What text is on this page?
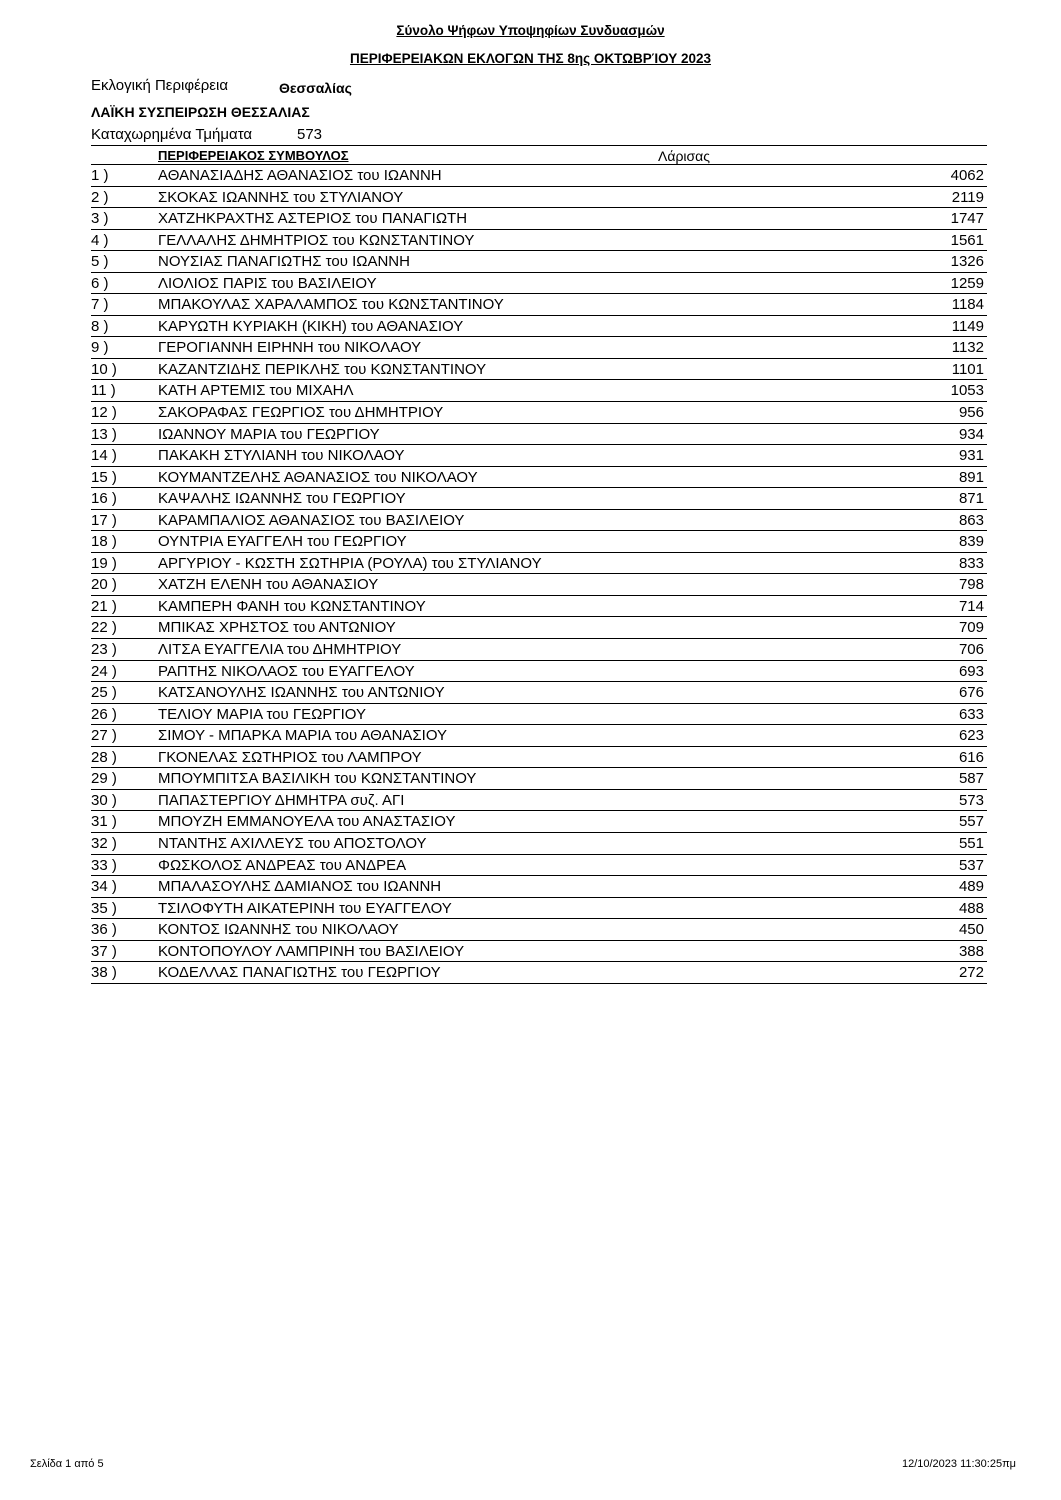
Σύνολο Ψήφων Υποψηφίων Συνδυασμών
ΠΕΡΙΦΕΡΕΙΑΚΩΝ ΕΚΛΟΓΩΝ ΤΗΣ 8ης ΟΚΤΩΒΡΊΟΥ 2023
Εκλογική Περιφέρεια	Θεσσαλίας
ΛΑΪΚΗ ΣΥΣΠΕΙΡΩΣΗ ΘΕΣΣΑΛΙΑΣ
Καταχωρημένα Τμήματα	573
ΠΕΡΙΦΕΡΕΙΑΚΟΣ ΣΥΜΒΟΥΛΟΣ	Λάρισας
1 )	ΑΘΑΝΑΣΙΑΔΗΣ ΑΘΑΝΑΣΙΟΣ του ΙΩΑΝΝΗ	4062
2 )	ΣΚΟΚΑΣ ΙΩΑΝΝΗΣ του ΣΤΥΛΙΑΝΟΥ	2119
3 )	ΧΑΤΖΗΚΡΑΧΤΗΣ ΑΣΤΕΡΙΟΣ του ΠΑΝΑΓΙΩΤΗ	1747
4 )	ΓΕΛΛΑΛΗΣ ΔΗΜΗΤΡΙΟΣ του ΚΩΝΣΤΑΝΤΙΝΟΥ	1561
5 )	ΝΟΥΣΙΑΣ ΠΑΝΑΓΙΩΤΗΣ του ΙΩΑΝΝΗ	1326
6 )	ΛΙΟΛΙΟΣ ΠΑΡΙΣ του ΒΑΣΙΛΕΙΟΥ	1259
7 )	ΜΠΑΚΟΥΛΑΣ ΧΑΡΑΛΑΜΠΟΣ του ΚΩΝΣΤΑΝΤΙΝΟΥ	1184
8 )	ΚΑΡΥΩΤΗ ΚΥΡΙΑΚΗ (ΚΙΚΗ) του ΑΘΑΝΑΣΙΟΥ	1149
9 )	ΓΕΡΟΓΙΑΝΝΗ ΕΙΡΗΝΗ του ΝΙΚΟΛΑΟΥ	1132
10 )	ΚΑΖΑΝΤΖΙΔΗΣ ΠΕΡΙΚΛΗΣ του ΚΩΝΣΤΑΝΤΙΝΟΥ	1101
11 )	ΚΑΤΗ ΑΡΤΕΜΙΣ του ΜΙΧΑΗΛ	1053
12 )	ΣΑΚΟΡΑΦΑΣ ΓΕΩΡΓΙΟΣ του ΔΗΜΗΤΡΙΟΥ	956
13 )	ΙΩΑΝΝΟΥ ΜΑΡΙΑ του ΓΕΩΡΓΙΟΥ	934
14 )	ΠΑΚΑΚΗ ΣΤΥΛΙΑΝΗ του ΝΙΚΟΛΑΟΥ	931
15 )	ΚΟΥΜΑΝΤΖΕΛΗΣ ΑΘΑΝΑΣΙΟΣ του ΝΙΚΟΛΑΟΥ	891
16 )	ΚΑΨΑΛΗΣ ΙΩΑΝΝΗΣ του ΓΕΩΡΓΙΟΥ	871
17 )	ΚΑΡΑΜΠΑΛΙΟΣ ΑΘΑΝΑΣΙΟΣ του ΒΑΣΙΛΕΙΟΥ	863
18 )	ΟΥΝΤΡΙΑ ΕΥΑΓΓΕΛΗ του ΓΕΩΡΓΙΟΥ	839
19 )	ΑΡΓΥΡΙΟΥ - ΚΩΣΤΗ ΣΩΤΗΡΙΑ (ΡΟΥΛΑ) του ΣΤΥΛΙΑΝΟΥ	833
20 )	ΧΑΤΖΗ ΕΛΕΝΗ του ΑΘΑΝΑΣΙΟΥ	798
21 )	ΚΑΜΠΕΡΗ ΦΑΝΗ του ΚΩΝΣΤΑΝΤΙΝΟΥ	714
22 )	ΜΠΙΚΑΣ ΧΡΗΣΤΟΣ του ΑΝΤΩΝΙΟΥ	709
23 )	ΛΙΤΣΑ ΕΥΑΓΓΕΛΙΑ του ΔΗΜΗΤΡΙΟΥ	706
24 )	ΡΑΠΤΗΣ ΝΙΚΟΛΑΟΣ του ΕΥΑΓΓΕΛΟΥ	693
25 )	ΚΑΤΣΑΝΟΥΛΗΣ ΙΩΑΝΝΗΣ του ΑΝΤΩΝΙΟΥ	676
26 )	ΤΕΛΙΟΥ ΜΑΡΙΑ του ΓΕΩΡΓΙΟΥ	633
27 )	ΣΙΜΟΥ - ΜΠΑΡΚΑ ΜΑΡΙΑ του ΑΘΑΝΑΣΙΟΥ	623
28 )	ΓΚΟΝΕΛΑΣ ΣΩΤΗΡΙΟΣ του ΛΑΜΠΡΟΥ	616
29 )	ΜΠΟΥΜΠΙΤΣΑ ΒΑΣΙΛΙΚΗ του ΚΩΝΣΤΑΝΤΙΝΟΥ	587
30 )	ΠΑΠΑΣΤΕΡΓΙΟΥ ΔΗΜΗΤΡΑ συζ. ΑΓΙ	573
31 )	ΜΠΟΥΖΗ ΕΜΜΑΝΟΥΕΛΑ του ΑΝΑΣΤΑΣΙΟΥ	557
32 )	ΝΤΑΝΤΗΣ ΑΧΙΛΛΕΥΣ του ΑΠΟΣΤΟΛΟΥ	551
33 )	ΦΩΣΚΟΛΟΣ ΑΝΔΡΕΑΣ του ΑΝΔΡΕΑ	537
34 )	ΜΠΑΛΑΣΟΥΛΗΣ ΔΑΜΙΑΝΟΣ του ΙΩΑΝΝΗ	489
35 )	ΤΣΙΛΟΦΥΤΗ ΑΙΚΑΤΕΡΙΝΗ του ΕΥΑΓΓΕΛΟΥ	488
36 )	ΚΟΝΤΟΣ ΙΩΑΝΝΗΣ του ΝΙΚΟΛΑΟΥ	450
37 )	ΚΟΝΤΟΠΟΥΛΟΥ ΛΑΜΠΡΙΝΗ του ΒΑΣΙΛΕΙΟΥ	388
38 )	ΚΟΔΕΛΛΑΣ ΠΑΝΑΓΙΩΤΗΣ του ΓΕΩΡΓΙΟΥ	272
Σελίδα 1 από 5	12/10/2023 11:30:25πμ
